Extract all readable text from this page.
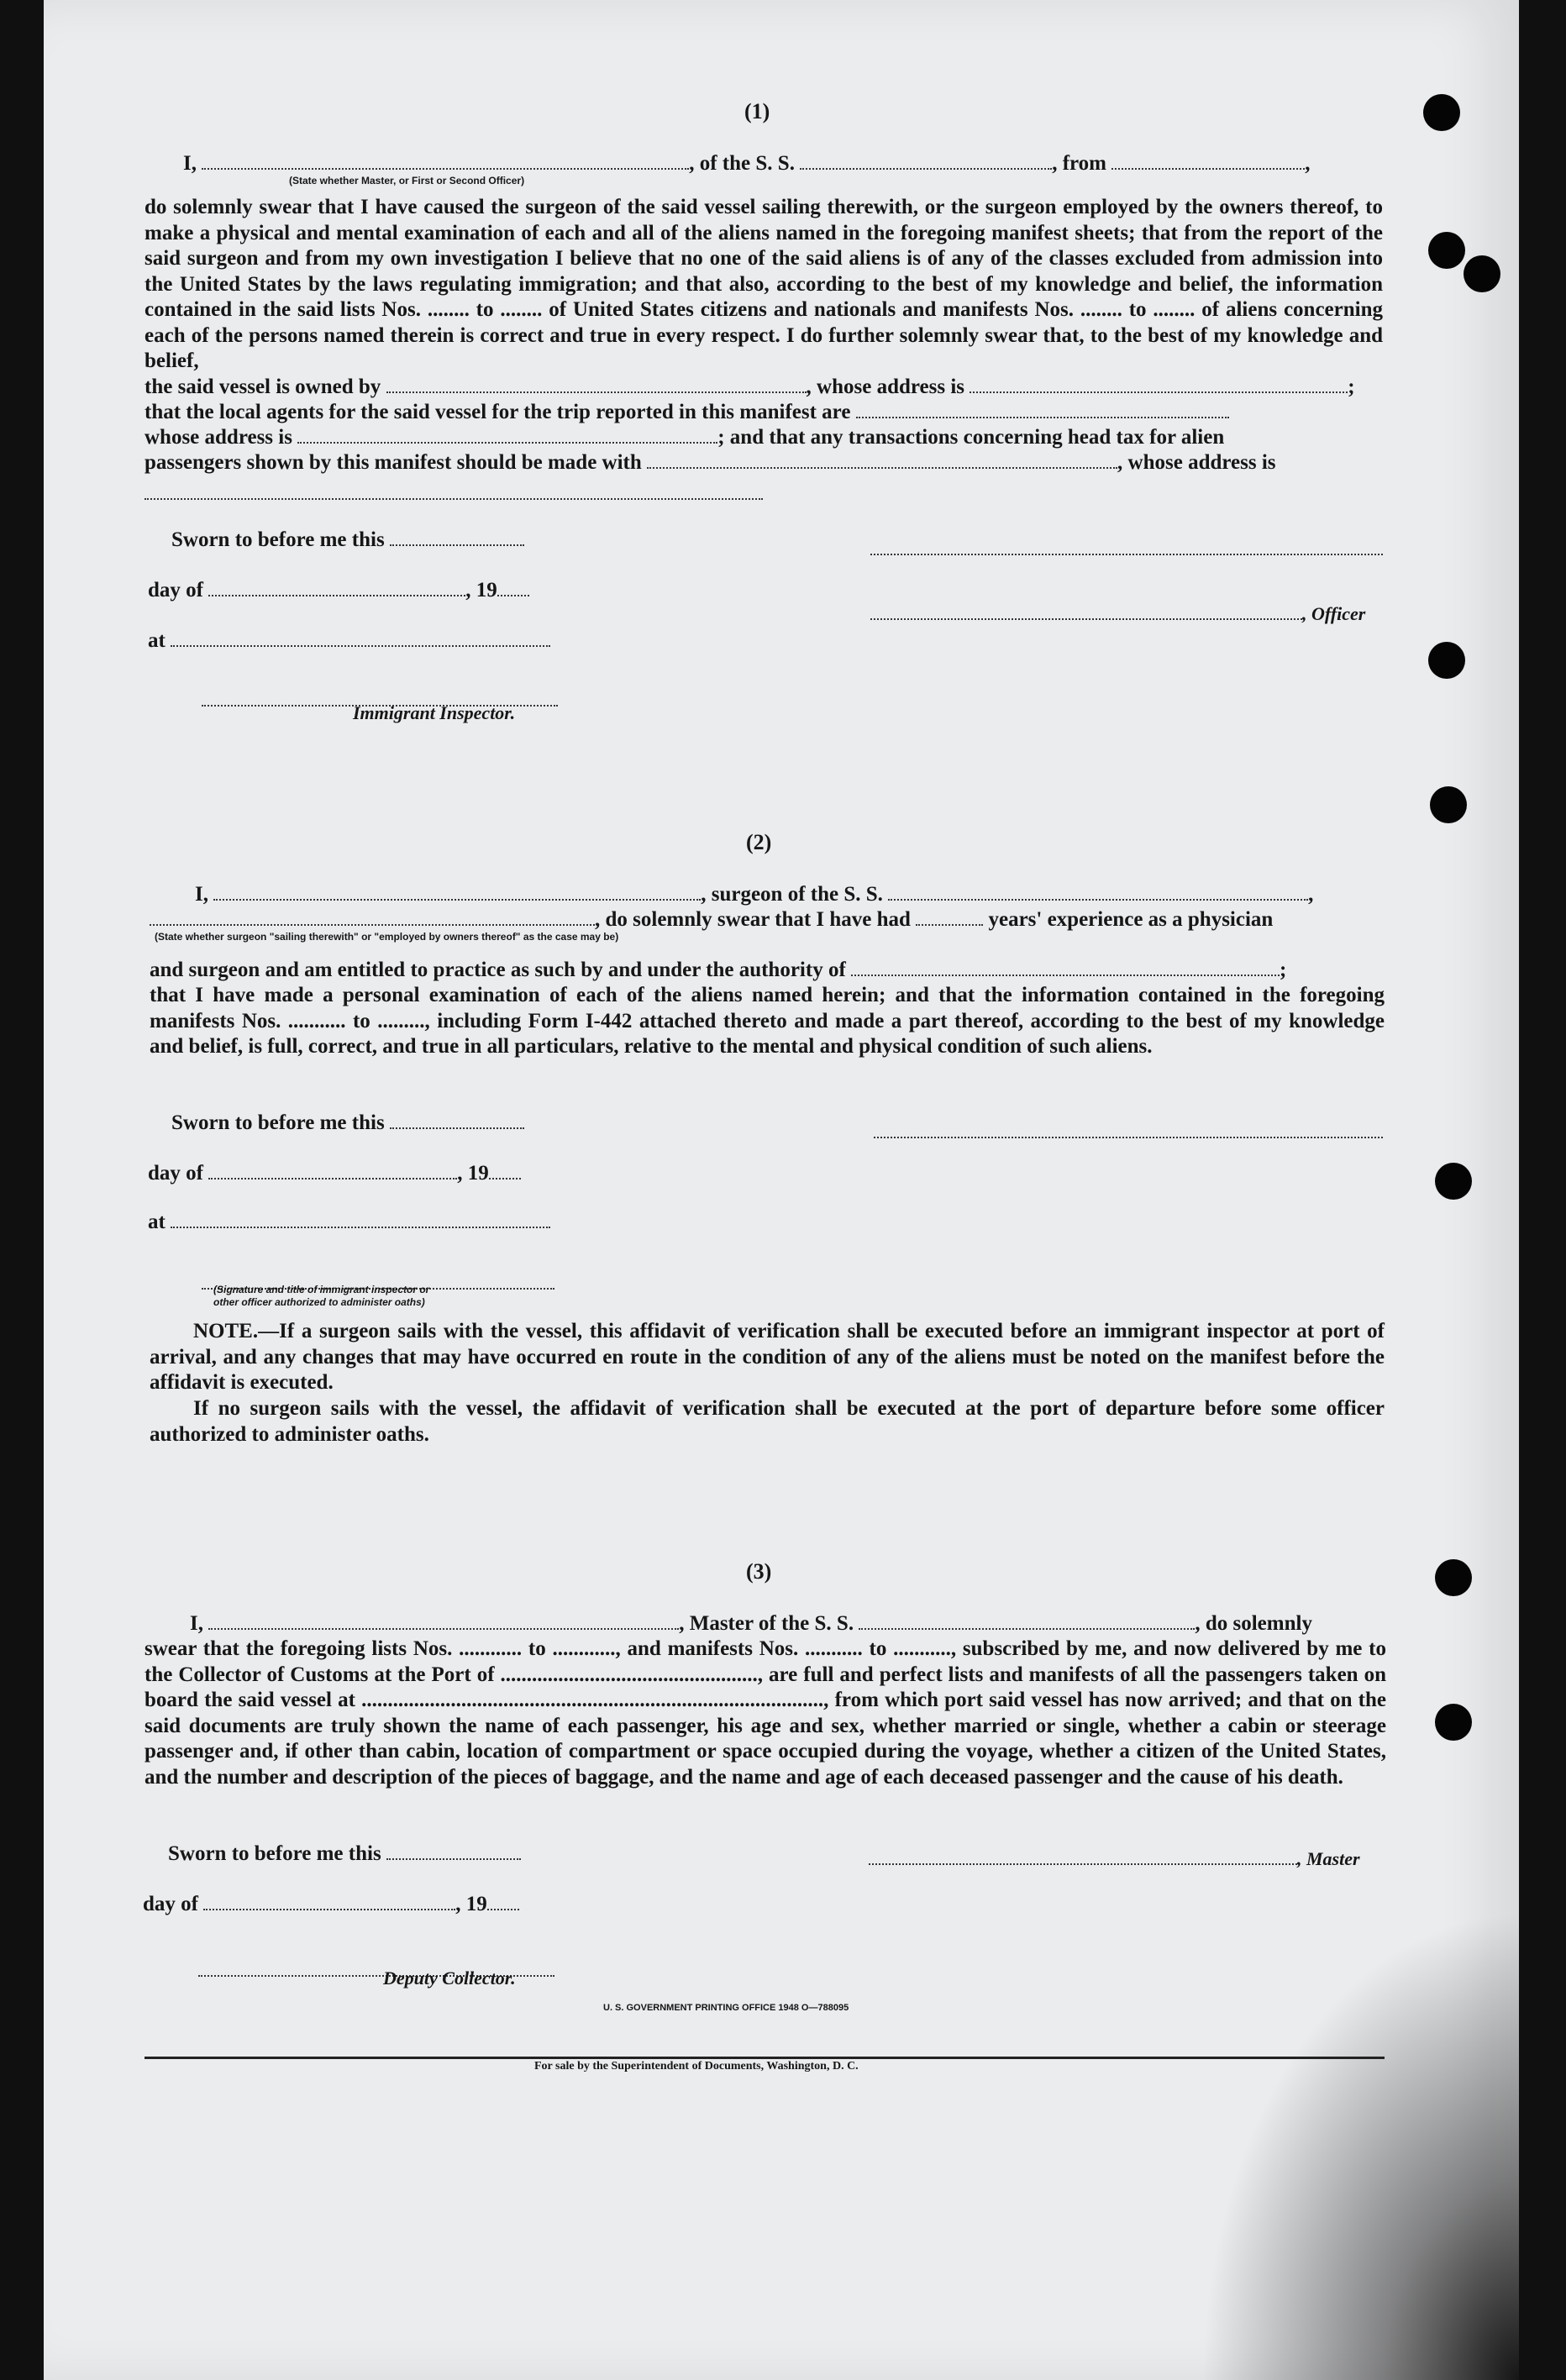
(1)
I,	, of the S. S.	, from	,
(State whether Master, or First or Second Officer)
do solemnly swear that I have caused the surgeon of the said vessel sailing therewith, or the surgeon employed by the owners thereof, to make a physical and mental examination of each and all of the aliens named in the foregoing manifest sheets; that from the report of the said surgeon and from my own investigation I believe that no one of the said aliens is of any of the classes excluded from admission into the United States by the laws regulating immigration; and that also, according to the best of my knowledge and belief, the information contained in the said lists Nos. ........ to ........ of United States citizens and nationals and manifests Nos. ........ to ........ of aliens concerning each of the persons named therein is correct and true in every respect. I do further solemnly swear that, to the best of my knowledge and belief,
the said vessel is owned by	, whose address is	;
that the local agents for the said vessel for the trip reported in this manifest are
whose address is	; and that any transactions concerning head tax for alien
passengers shown by this manifest should be made with	, whose address is
Sworn to before me this
day of	, 19
, Officer
at
Immigrant Inspector.
(2)
I,	, surgeon of the S. S.	,
, do solemnly swear that I have had	years' experience as a physician
(State whether surgeon "sailing therewith" or "employed by owners thereof" as the case may be)
and surgeon and am entitled to practice as such by and under the authority of	;
that I have made a personal examination of each of the aliens named herein; and that the information contained in the foregoing manifests Nos. ........... to ........., including Form I-442 attached thereto and made a part thereof, according to the best of my knowledge and belief, is full, correct, and true in all particulars, relative to the mental and physical condition of such aliens.
Sworn to before me this
day of	, 19
at
(Signature and title of immigrant inspector or
other officer authorized to administer oaths)
NOTE.—If a surgeon sails with the vessel, this affidavit of verification shall be executed before an immigrant inspector at port of arrival, and any changes that may have occurred en route in the condition of any of the aliens must be noted on the manifest before the affidavit is executed.
If no surgeon sails with the vessel, the affidavit of verification shall be executed at the port of departure before some officer authorized to administer oaths.
(3)
I,	, Master of the S. S.	, do solemnly
swear that the foregoing lists Nos. ............ to ............, and manifests Nos. ........... to ..........., subscribed by me, and now delivered by me to the Collector of Customs at the Port of ................................................., are full and perfect lists and manifests of all the passengers taken on board the said vessel at ........................................................................................, from which port said vessel has now arrived; and that on the said documents are truly shown the name of each passenger, his age and sex, whether married or single, whether a cabin or steerage passenger and, if other than cabin, location of compartment or space occupied during the voyage, whether a citizen of the United States, and the number and description of the pieces of baggage, and the name and age of each deceased passenger and the cause of his death.
Sworn to before me this	, Master
day of	, 19
Deputy Collector.
U. S. GOVERNMENT PRINTING OFFICE 1948 O—788095
For sale by the Superintendent of Documents, Washington, D. C.
